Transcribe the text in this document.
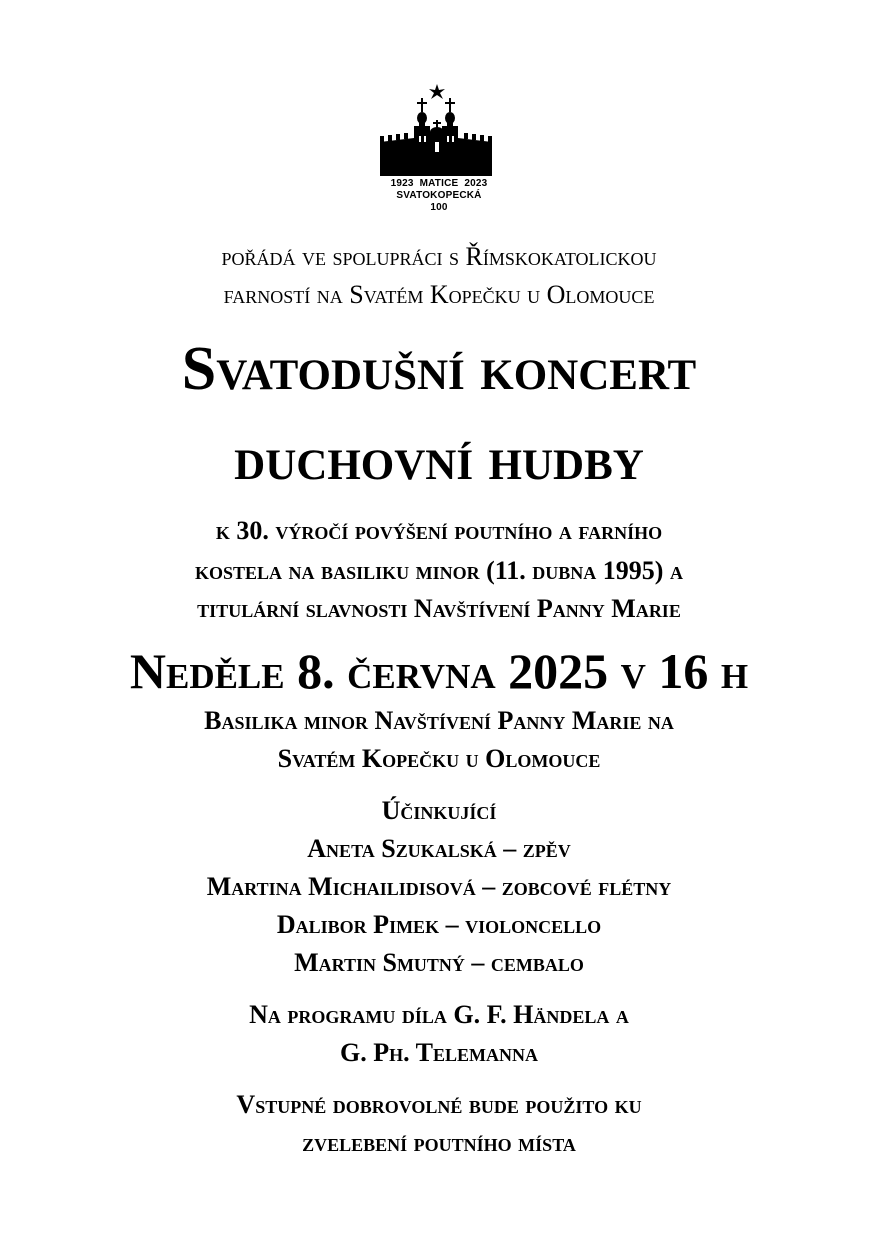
1923 MATICE 2023
SVATOKOPECKÁ
100
pořádá ve spolupráci s Římskokatolickou
farností na Svatém Kopečku u Olomouce
Svatodušní koncert
duchovní hudby
k 30. výročí povýšení poutního a farního
kostela na basiliku minor (11. dubna 1995) a
titulární slavnosti Navštívení Panny Marie
Neděle 8. června 2025 v 16 h
Basilika minor Navštívení Panny Marie na
Svatém Kopečku u Olomouce
Účinkující
Aneta Szukalská – zpěv
Martina Michailidisová – zobcové flétny
Dalibor Pimek – violoncello
Martin Smutný – cembalo
Na programu díla G. F. Händela a
G. Ph. Telemanna
Vstupné dobrovolné bude použito ku
zvelebení poutního místa
